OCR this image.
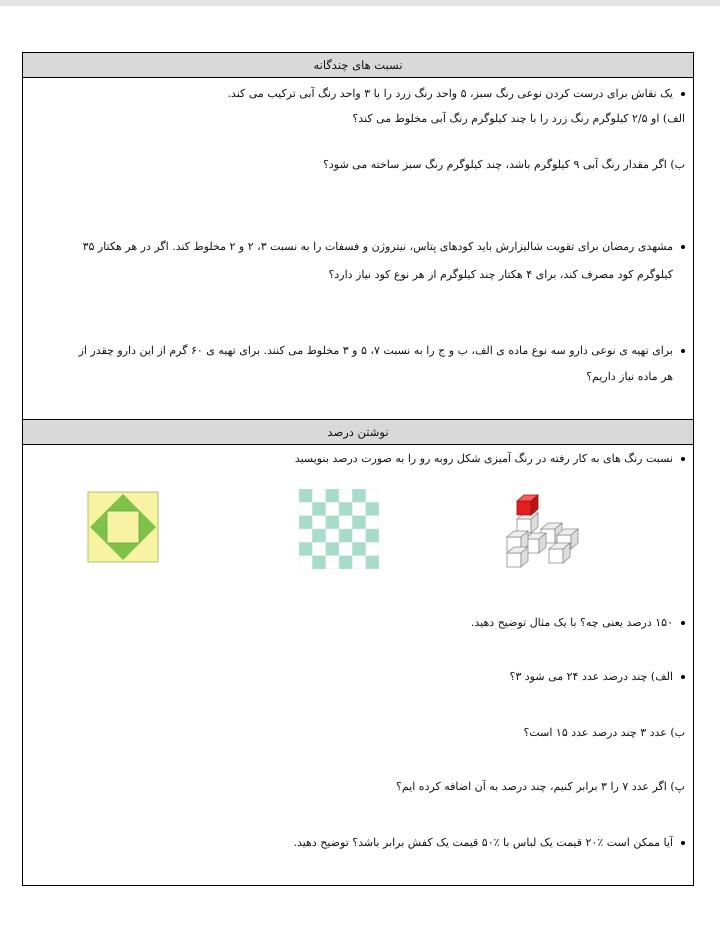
نسبت های چندگانه
یک نقاش برای درست کردن نوعی رنگ سبز، ۵ واحد رنگ زرد را با ۳ واحد رنگ آبی ترکیب می کند.
الف) او ۲/۵ کیلوگرم رنگ زرد را با چند کیلوگرم رنگ آبی مخلوط می کند؟
ب) اگر مقدار رنگ آبی ۹ کیلوگرم باشد، چند کیلوگرم رنگ سبز ساخته می شود؟
مشهدی رمضان برای تقویت شالیزارش باید کودهای پتاس، نیتروژن و فسفات را به نسبت ۳، ۲ و ۲ مخلوط کند. اگر در هر هکتار ۳۵
کیلوگرم کود مصرف کند، برای ۴ هکتار چند کیلوگرم از هر نوع کود نیاز دارد؟
برای تهیه ی نوعی دارو سه نوع ماده ی الف، ب و ج را به نسبت ۷، ۵ و ۳ مخلوط می کنند. برای تهیه ی ۶۰ گرم از این دارو چقدر از
هر ماده نیاز داریم؟
نوشتن درصد
نسبت رنگ های به کار رفته در رنگ آمیزی شکل روبه رو را به صورت درصد بنویسید
۱۵۰ درصد یعنی چه؟ با یک مثال توضیح دهید.
الف) چند درصد عدد ۲۴ می شود ۳؟
ب) عدد ۳ چند درصد عدد ۱۵ است؟
پ) اگر عدد ۷ را ۳ برابر کنیم، چند درصد به آن اضافه کرده ایم؟
آیا ممکن است ٪۲۰ قیمت یک لباس با ٪۵۰ قیمت یک کفش برابر باشد؟ توضیح دهید.
